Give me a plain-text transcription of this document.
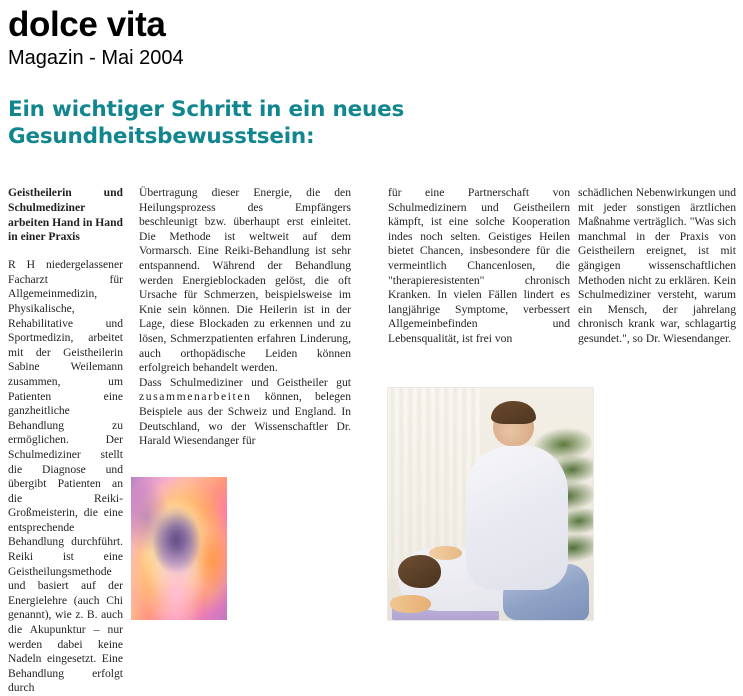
dolce vita
Magazin - Mai 2004
Ein wichtiger Schritt in ein neues
Gesundheitsbewusstsein:

Geistheilerin und Schulmediziner arbeiten Hand in Hand in einer Praxis

R H niedergelassener Facharzt für Allgemeinmedizin, Physikalische, Rehabilitative und Sportmedizin, arbeitet mit der Geistheilerin Sabine Weilemann zusammen, um Patienten eine ganzheitliche Behandlung zu ermöglichen. Der Schulmediziner stellt die Diagnose und übergibt Patienten an die Reiki-Großmeisterin, die eine entsprechende Behandlung durchführt. Reiki ist eine Geistheilungsmethode und basiert auf der Energielehre (auch Chi genannt), wie z. B. auch die Akupunktur – nur werden dabei keine Nadeln eingesetzt. Eine Behandlung erfolgt durch

Übertragung dieser Energie, die den Heilungsprozess des Empfängers beschleunigt bzw. überhaupt erst einleitet. Die Methode ist weltweit auf dem Vormarsch. Eine Reiki-Behandlung ist sehr entspannend. Während der Behandlung werden Energieblockaden gelöst, die oft Ursache für Schmerzen, beispielsweise im Knie sein können. Die Heilerin ist in der Lage, diese Blockaden zu erkennen und zu lösen, Schmerzpatienten erfahren Linderung, auch orthopädische Leiden können erfolgreich behandelt werden.

Dass Schulmediziner und Geistheiler gut zusammenarbeiten können, belegen Beispiele aus der Schweiz und England. In Deutschland, wo der Wissenschaftler Dr. Harald Wiesendanger für

für eine Partnerschaft von Schulmedizinern und Geistheilern kämpft, ist eine solche Kooperation indes noch selten. Geistiges Heilen bietet Chancen, insbesondere für die vermeintlich Chancenlosen, die "therapieresistenten" chronisch Kranken. In vielen Fällen lindert es langjährige Symptome, verbessert Allgemeinbefinden und Lebensqualität, ist frei von

schädlichen Nebenwirkungen und mit jeder sonstigen ärztlichen Maßnahme verträglich. "Was sich manchmal in der Praxis von Geistheilern ereignet, ist mit gängigen wissenschaftlichen Methoden nicht zu erklären. Kein Schulmediziner versteht, warum ein Mensch, der jahrelang chronisch krank war, schlagartig gesundet.", so Dr. Wiesendanger.
